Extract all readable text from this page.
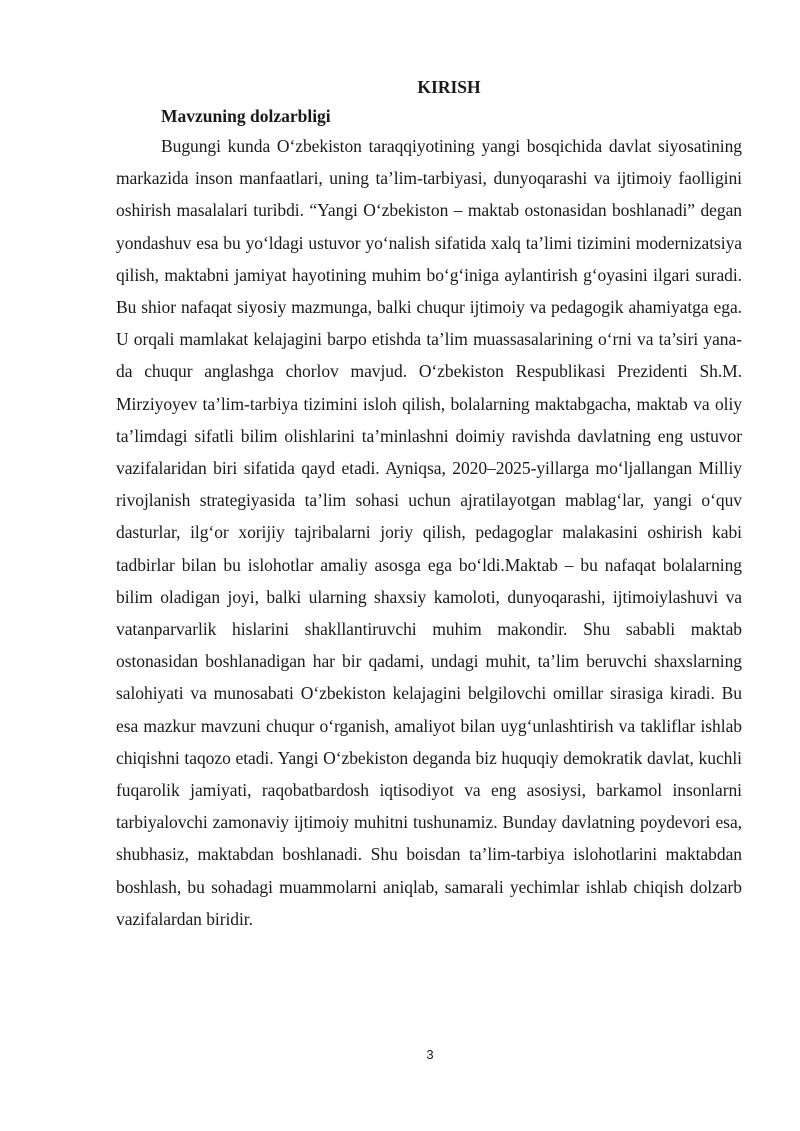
KIRISH
Mavzuning dolzarbligi

Bugungi kunda O‘zbekiston taraqqiyotining yangi bosqichida davlat siyosatining markazida inson manfaatlari, uning ta’lim-tarbiyasi, dunyoqarashi va ijtimoiy faolligini oshirish masalalari turibdi. “Yangi O‘zbekiston – maktab ostonasidan boshlanadi” degan yondashuv esa bu yo‘ldagi ustuvor yo‘nalish sifatida xalq ta’limi tizimini modernizatsiya qilish, maktabni jamiyat hayotining muhim bo‘g‘iniga aylantirish g‘oyasini ilgari suradi. Bu shior nafaqat siyosiy mazmunga, balki chuqur ijtimoiy va pedagogik ahamiyatga ega. U orqali mamlakat kelajagini barpo etishda ta’lim muassasalarining o‘rni va ta’siri yana-da chuqur anglashga chorlov mavjud. O‘zbekiston Respublikasi Prezidenti Sh.M. Mirziyoyev ta’lim-tarbiya tizimini isloh qilish, bolalarning maktabgacha, maktab va oliy ta’limdagi sifatli bilim olishlarini ta’minlashni doimiy ravishda davlatning eng ustuvor vazifalaridan biri sifatida qayd etadi. Ayniqsa, 2020–2025-yillarga mo‘ljallangan Milliy rivojlanish strategiyasida ta’lim sohasi uchun ajratilayotgan mablag‘lar, yangi o‘quv dasturlar, ilg‘or xorijiy tajribalarni joriy qilish, pedagoglar malakasini oshirish kabi tadbirlar bilan bu islohotlar amaliy asosga ega bo‘ldi.Maktab – bu nafaqat bolalarning bilim oladigan joyi, balki ularning shaxsiy kamoloti, dunyoqarashi, ijtimoiylashuvi va vatanparvarlik hislarini shakllantiruvchi muhim makondir. Shu sababli maktab ostonasidan boshlanadigan har bir qadami, undagi muhit, ta’lim beruvchi shaxslarning salohiyati va munosabati O‘zbekiston kelajagini belgilovchi omillar sirasiga kiradi. Bu esa mazkur mavzuni chuqur o‘rganish, amaliyot bilan uyg‘unlashtirish va takliflar ishlab chiqishni taqozo etadi. Yangi O‘zbekiston deganda biz huquqiy demokratik davlat, kuchli fuqarolik jamiyati, raqobatbardosh iqtisodiyot va eng asosiysi, barkamol insonlarni tarbiyalovchi zamonaviy ijtimoiy muhitni tushunamiz. Bunday davlatning poydevori esa, shubhasiz, maktabdan boshlanadi. Shu boisdan ta’lim-tarbiya islohotlarini maktabdan boshlash, bu sohadagi muammolarni aniqlab, samarali yechimlar ishlab chiqish dolzarb vazifalardan biridir.

3
